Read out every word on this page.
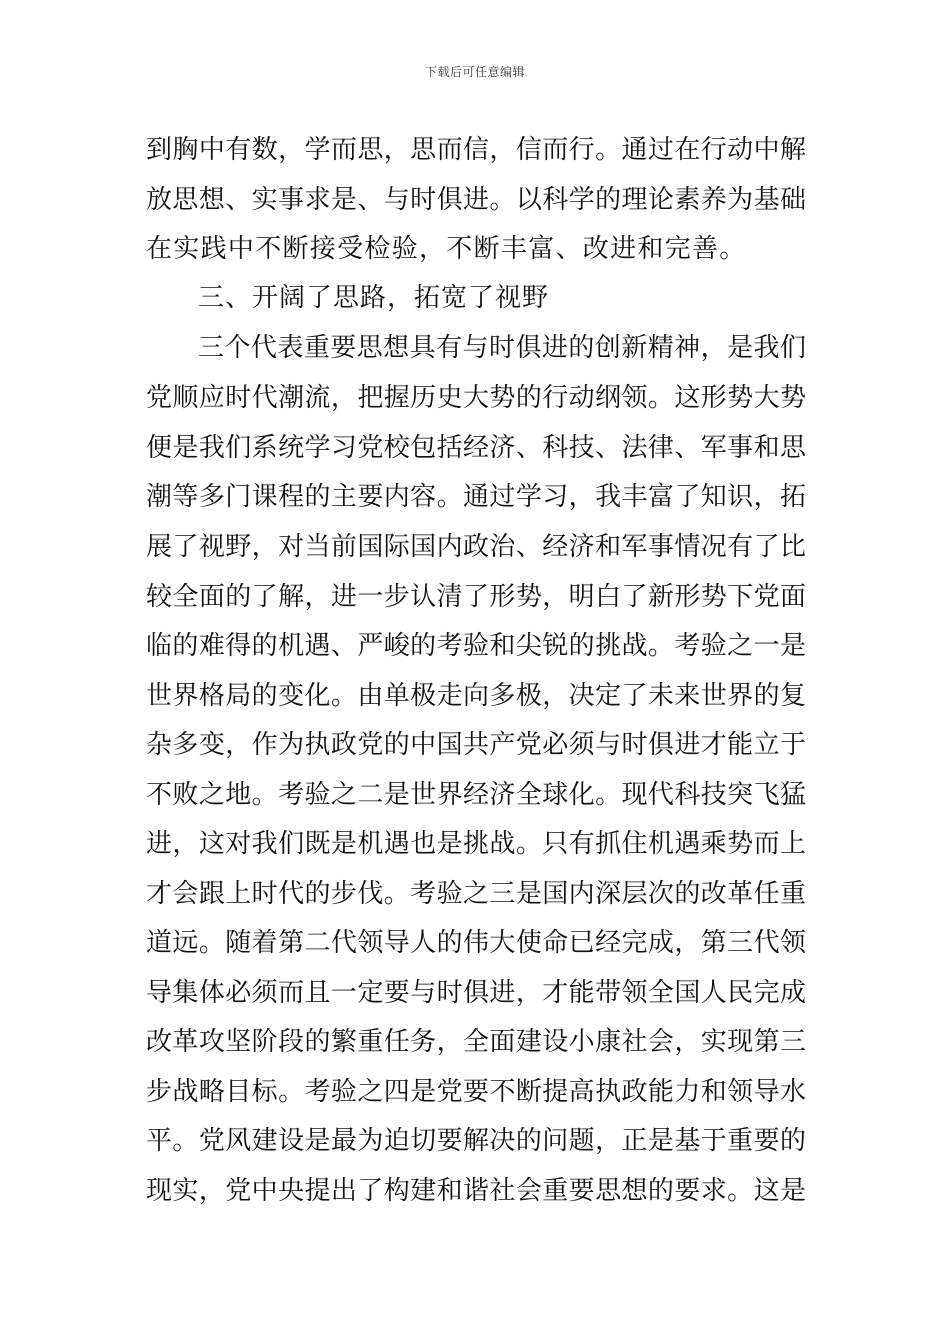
下载后可任意编辑
到胸中有数，学而思，思而信，信而行。通过在行动中解
放思想、实事求是、与时俱进。以科学的理论素养为基础
在实践中不断接受检验，不断丰富、改进和完善。
三、开阔了思路，拓宽了视野
三个代表重要思想具有与时俱进的创新精神，是我们
党顺应时代潮流，把握历史大势的行动纲领。这形势大势
便是我们系统学习党校包括经济、科技、法律、军事和思
潮等多门课程的主要内容。通过学习，我丰富了知识，拓
展了视野，对当前国际国内政治、经济和军事情况有了比
较全面的了解，进一步认清了形势，明白了新形势下党面
临的难得的机遇、严峻的考验和尖锐的挑战。考验之一是
世界格局的变化。由单极走向多极，决定了未来世界的复
杂多变，作为执政党的中国共产党必须与时俱进才能立于
不败之地。考验之二是世界经济全球化。现代科技突飞猛
进，这对我们既是机遇也是挑战。只有抓住机遇乘势而上
才会跟上时代的步伐。考验之三是国内深层次的改革任重
道远。随着第二代领导人的伟大使命已经完成，第三代领
导集体必须而且一定要与时俱进，才能带领全国人民完成
改革攻坚阶段的繁重任务，全面建设小康社会，实现第三
步战略目标。考验之四是党要不断提高执政能力和领导水
平。党风建设是最为迫切要解决的问题，正是基于重要的
现实，党中央提出了构建和谐社会重要思想的要求。这是
